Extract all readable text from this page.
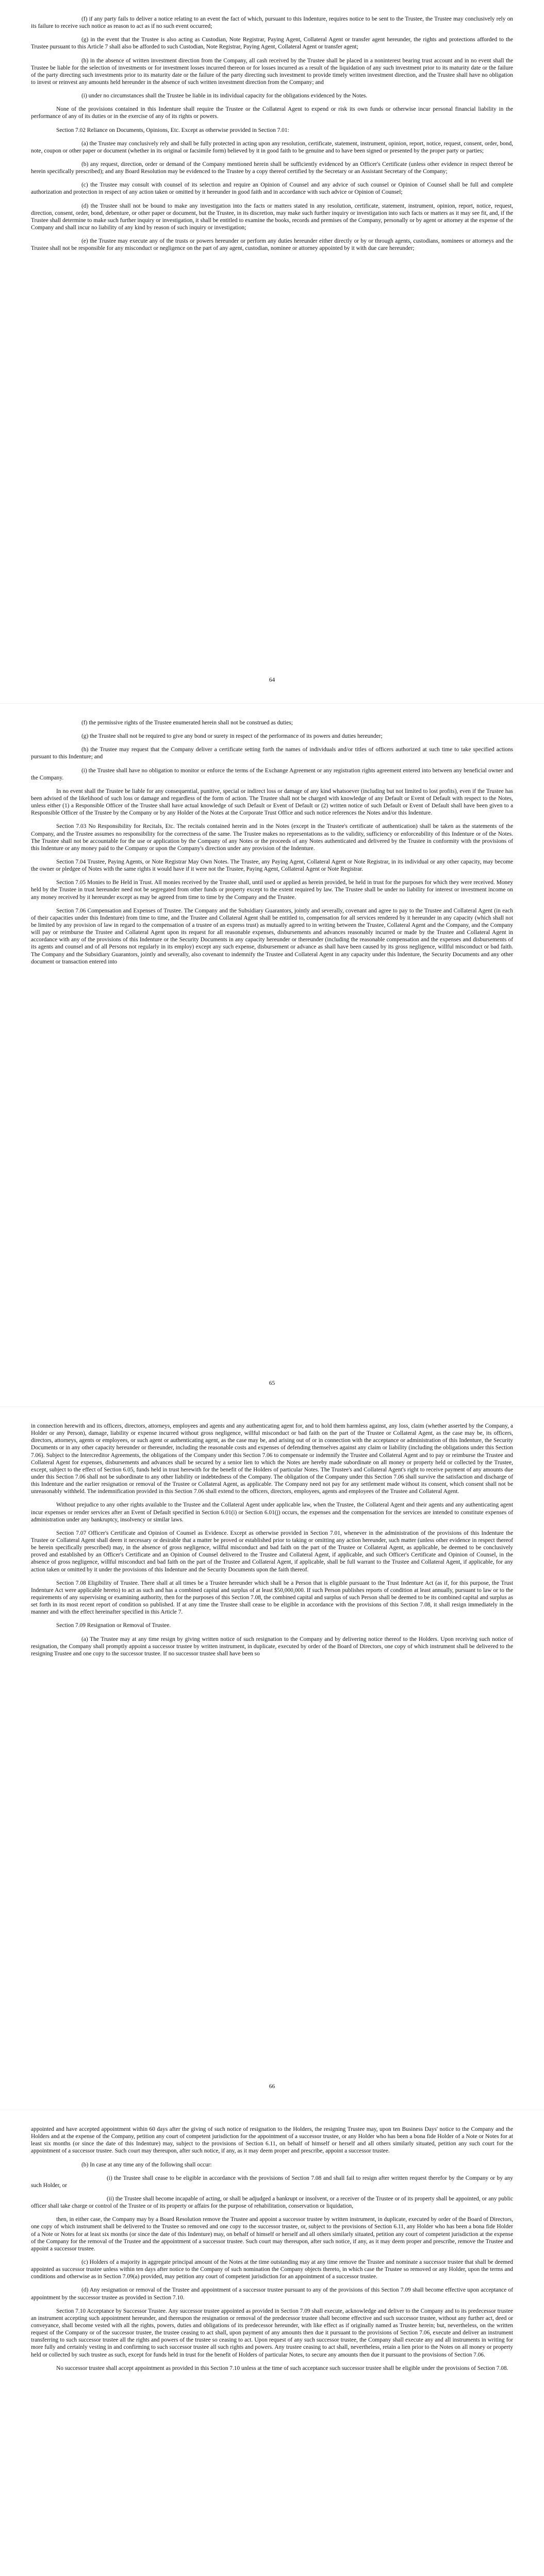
(f) if any party fails to deliver a notice relating to an event the fact of which, pursuant to this Indenture, requires notice to be sent to the Trustee, the Trustee may conclusively rely on its failure to receive such notice as reason to act as if no such event occurred;

(g) in the event that the Trustee is also acting as Custodian, Note Registrar, Paying Agent, Collateral Agent or transfer agent hereunder, the rights and protections afforded to the Trustee pursuant to this Article 7 shall also be afforded to such Custodian, Note Registrar, Paying Agent, Collateral Agent or transfer agent;

(h) in the absence of written investment direction from the Company, all cash received by the Trustee shall be placed in a noninterest bearing trust account and in no event shall the Trustee be liable for the selection of investments or for investment losses incurred thereon or for losses incurred as a result of the liquidation of any such investment prior to its maturity date or the failure of the party directing such investments prior to its maturity date or the failure of the party directing such investment to provide timely written investment direction, and the Trustee shall have no obligation to invest or reinvest any amounts held hereunder in the absence of such written investment direction from the Company; and

(i) under no circumstances shall the Trustee be liable in its individual capacity for the obligations evidenced by the Notes.

None of the provisions contained in this Indenture shall require the Trustee or the Collateral Agent to expend or risk its own funds or otherwise incur personal financial liability in the performance of any of its duties or in the exercise of any of its rights or powers.

Section 7.02 Reliance on Documents, Opinions, Etc. Except as otherwise provided in Section 7.01:

(a) the Trustee may conclusively rely and shall be fully protected in acting upon any resolution, certificate, statement, instrument, opinion, report, notice, request, consent, order, bond, note, coupon or other paper or document (whether in its original or facsimile form) believed by it in good faith to be genuine and to have been signed or presented by the proper party or parties;

(b) any request, direction, order or demand of the Company mentioned herein shall be sufficiently evidenced by an Officer's Certificate (unless other evidence in respect thereof be herein specifically prescribed); and any Board Resolution may be evidenced to the Trustee by a copy thereof certified by the Secretary or an Assistant Secretary of the Company;

(c) the Trustee may consult with counsel of its selection and require an Opinion of Counsel and any advice of such counsel or Opinion of Counsel shall be full and complete authorization and protection in respect of any action taken or omitted by it hereunder in good faith and in accordance with such advice or Opinion of Counsel;

(d) the Trustee shall not be bound to make any investigation into the facts or matters stated in any resolution, certificate, statement, instrument, opinion, report, notice, request, direction, consent, order, bond, debenture, or other paper or document, but the Trustee, in its discretion, may make such further inquiry or investigation into such facts or matters as it may see fit, and, if the Trustee shall determine to make such further inquiry or investigation, it shall be entitled to examine the books, records and premises of the Company, personally or by agent or attorney at the expense of the Company and shall incur no liability of any kind by reason of such inquiry or investigation;

(e) the Trustee may execute any of the trusts or powers hereunder or perform any duties hereunder either directly or by or through agents, custodians, nominees or attorneys and the Trustee shall not be responsible for any misconduct or negligence on the part of any agent, custodian, nominee or attorney appointed by it with due care hereunder;

64

(f) the permissive rights of the Trustee enumerated herein shall not be construed as duties;

(g) the Trustee shall not be required to give any bond or surety in respect of the performance of its powers and duties hereunder;

(h) the Trustee may request that the Company deliver a certificate setting forth the names of individuals and/or titles of officers authorized at such time to take specified actions pursuant to this Indenture; and

(i) the Trustee shall have no obligation to monitor or enforce the terms of the Exchange Agreement or any registration rights agreement entered into between any beneficial owner and the Company.

In no event shall the Trustee be liable for any consequential, punitive, special or indirect loss or damage of any kind whatsoever (including but not limited to lost profits), even if the Trustee has been advised of the likelihood of such loss or damage and regardless of the form of action. The Trustee shall not be charged with knowledge of any Default or Event of Default with respect to the Notes, unless either (1) a Responsible Officer of the Trustee shall have actual knowledge of such Default or Event of Default or (2) written notice of such Default or Event of Default shall have been given to a Responsible Officer of the Trustee by the Company or by any Holder of the Notes at the Corporate Trust Office and such notice references the Notes and/or this Indenture.

Section 7.03 No Responsibility for Recitals, Etc. The recitals contained herein and in the Notes (except in the Trustee's certificate of authentication) shall be taken as the statements of the Company, and the Trustee assumes no responsibility for the correctness of the same. The Trustee makes no representations as to the validity, sufficiency or enforceability of this Indenture or of the Notes. The Trustee shall not be accountable for the use or application by the Company of any Notes or the proceeds of any Notes authenticated and delivered by the Trustee in conformity with the provisions of this Indenture or any money paid to the Company or upon the Company's direction under any provision of the Indenture.

Section 7.04 Trustee, Paying Agents, or Note Registrar May Own Notes. The Trustee, any Paying Agent, Collateral Agent or Note Registrar, in its individual or any other capacity, may become the owner or pledgee of Notes with the same rights it would have if it were not the Trustee, Paying Agent, Collateral Agent or Note Registrar.

Section 7.05 Monies to Be Held in Trust. All monies received by the Trustee shall, until used or applied as herein provided, be held in trust for the purposes for which they were received. Money held by the Trustee in trust hereunder need not be segregated from other funds or property except to the extent required by law. The Trustee shall be under no liability for interest or investment income on any money received by it hereunder except as may be agreed from time to time by the Company and the Trustee.

Section 7.06 Compensation and Expenses of Trustee. The Company and the Subsidiary Guarantors, jointly and severally, covenant and agree to pay to the Trustee and Collateral Agent (in each of their capacities under this Indenture) from time to time, and the Trustee and Collateral Agent shall be entitled to, compensation for all services rendered by it hereunder in any capacity (which shall not be limited by any provision of law in regard to the compensation of a trustee of an express trust) as mutually agreed to in writing between the Trustee, Collateral Agent and the Company, and the Company will pay or reimburse the Trustee and Collateral Agent upon its request for all reasonable expenses, disbursements and advances reasonably incurred or made by the Trustee and Collateral Agent in accordance with any of the provisions of this Indenture or the Security Documents in any capacity hereunder or thereunder (including the reasonable compensation and the expenses and disbursements of its agents and counsel and of all Persons not regularly in its employ) except any such expense, disbursement or advance as shall have been caused by its gross negligence, willful misconduct or bad faith. The Company and the Subsidiary Guarantors, jointly and severally, also covenant to indemnify the Trustee and Collateral Agent in any capacity under this Indenture, the Security Documents and any other document or transaction entered into

65

in connection herewith and its officers, directors, attorneys, employees and agents and any authenticating agent for, and to hold them harmless against, any loss, claim (whether asserted by the Company, a Holder or any Person), damage, liability or expense incurred without gross negligence, willful misconduct or bad faith on the part of the Trustee or Collateral Agent, as the case may be, its officers, directors, attorneys, agents or employees, or such agent or authenticating agent, as the case may be, and arising out of or in connection with the acceptance or administration of this Indenture, the Security Documents or in any other capacity hereunder or thereunder, including the reasonable costs and expenses of defending themselves against any claim or liability (including the obligations under this Section 7.06). Subject to the Intercreditor Agreements, the obligations of the Company under this Section 7.06 to compensate or indemnify the Trustee and Collateral Agent and to pay or reimburse the Trustee and Collateral Agent for expenses, disbursements and advances shall be secured by a senior lien to which the Notes are hereby made subordinate on all money or property held or collected by the Trustee, except, subject to the effect of Section 6.05, funds held in trust herewith for the benefit of the Holders of particular Notes. The Trustee's and Collateral Agent's right to receive payment of any amounts due under this Section 7.06 shall not be subordinate to any other liability or indebtedness of the Company. The obligation of the Company under this Section 7.06 shall survive the satisfaction and discharge of this Indenture and the earlier resignation or removal of the Trustee or Collateral Agent, as applicable. The Company need not pay for any settlement made without its consent, which consent shall not be unreasonably withheld. The indemnification provided in this Section 7.06 shall extend to the officers, directors, employees, agents and employees of the Trustee and Collateral Agent.

Without prejudice to any other rights available to the Trustee and the Collateral Agent under applicable law, when the Trustee, the Collateral Agent and their agents and any authenticating agent incur expenses or render services after an Event of Default specified in Section 6.01(i) or Section 6.01(j) occurs, the expenses and the compensation for the services are intended to constitute expenses of administration under any bankruptcy, insolvency or similar laws.

Section 7.07 Officer's Certificate and Opinion of Counsel as Evidence. Except as otherwise provided in Section 7.01, whenever in the administration of the provisions of this Indenture the Trustee or Collateral Agent shall deem it necessary or desirable that a matter be proved or established prior to taking or omitting any action hereunder, such matter (unless other evidence in respect thereof be herein specifically prescribed) may, in the absence of gross negligence, willful misconduct and bad faith on the part of the Trustee or Collateral Agent, as applicable, be deemed to be conclusively proved and established by an Officer's Certificate and an Opinion of Counsel delivered to the Trustee and Collateral Agent, if applicable, and such Officer's Certificate and Opinion of Counsel, in the absence of gross negligence, willful misconduct and bad faith on the part of the Trustee and Collateral Agent, if applicable, shall be full warrant to the Trustee and Collateral Agent, if applicable, for any action taken or omitted by it under the provisions of this Indenture and the Security Documents upon the faith thereof.

Section 7.08 Eligibility of Trustee. There shall at all times be a Trustee hereunder which shall be a Person that is eligible pursuant to the Trust Indenture Act (as if, for this purpose, the Trust Indenture Act were applicable hereto) to act as such and has a combined capital and surplus of at least $50,000,000. If such Person publishes reports of condition at least annually, pursuant to law or to the requirements of any supervising or examining authority, then for the purposes of this Section 7.08, the combined capital and surplus of such Person shall be deemed to be its combined capital and surplus as set forth in its most recent report of condition so published. If at any time the Trustee shall cease to be eligible in accordance with the provisions of this Section 7.08, it shall resign immediately in the manner and with the effect hereinafter specified in this Article 7.

Section 7.09 Resignation or Removal of Trustee.

(a) The Trustee may at any time resign by giving written notice of such resignation to the Company and by delivering notice thereof to the Holders. Upon receiving such notice of resignation, the Company shall promptly appoint a successor trustee by written instrument, in duplicate, executed by order of the Board of Directors, one copy of which instrument shall be delivered to the resigning Trustee and one copy to the successor trustee. If no successor trustee shall have been so

66

appointed and have accepted appointment within 60 days after the giving of such notice of resignation to the Holders, the resigning Trustee may, upon ten Business Days' notice to the Company and the Holders and at the expense of the Company, petition any court of competent jurisdiction for the appointment of a successor trustee, or any Holder who has been a bona fide Holder of a Note or Notes for at least six months (or since the date of this Indenture) may, subject to the provisions of Section 6.11, on behalf of himself or herself and all others similarly situated, petition any such court for the appointment of a successor trustee. Such court may thereupon, after such notice, if any, as it may deem proper and prescribe, appoint a successor trustee.

(b) In case at any time any of the following shall occur:

(i) the Trustee shall cease to be eligible in accordance with the provisions of Section 7.08 and shall fail to resign after written request therefor by the Company or by any such Holder, or

(ii) the Trustee shall become incapable of acting, or shall be adjudged a bankrupt or insolvent, or a receiver of the Trustee or of its property shall be appointed, or any public officer shall take charge or control of the Trustee or of its property or affairs for the purpose of rehabilitation, conservation or liquidation,

then, in either case, the Company may by a Board Resolution remove the Trustee and appoint a successor trustee by written instrument, in duplicate, executed by order of the Board of Directors, one copy of which instrument shall be delivered to the Trustee so removed and one copy to the successor trustee, or, subject to the provisions of Section 6.11, any Holder who has been a bona fide Holder of a Note or Notes for at least six months (or since the date of this Indenture) may, on behalf of himself or herself and all others similarly situated, petition any court of competent jurisdiction at the expense of the Company for the removal of the Trustee and the appointment of a successor trustee. Such court may thereupon, after such notice, if any, as it may deem proper and prescribe, remove the Trustee and appoint a successor trustee.

(c) Holders of a majority in aggregate principal amount of the Notes at the time outstanding may at any time remove the Trustee and nominate a successor trustee that shall be deemed appointed as successor trustee unless within ten days after notice to the Company of such nomination the Company objects thereto, in which case the Trustee so removed or any Holder, upon the terms and conditions and otherwise as in Section 7.09(a) provided, may petition any court of competent jurisdiction for an appointment of a successor trustee.

(d) Any resignation or removal of the Trustee and appointment of a successor trustee pursuant to any of the provisions of this Section 7.09 shall become effective upon acceptance of appointment by the successor trustee as provided in Section 7.10.

Section 7.10 Acceptance by Successor Trustee. Any successor trustee appointed as provided in Section 7.09 shall execute, acknowledge and deliver to the Company and to its predecessor trustee an instrument accepting such appointment hereunder, and thereupon the resignation or removal of the predecessor trustee shall become effective and such successor trustee, without any further act, deed or conveyance, shall become vested with all the rights, powers, duties and obligations of its predecessor hereunder, with like effect as if originally named as Trustee herein; but, nevertheless, on the written request of the Company or of the successor trustee, the trustee ceasing to act shall, upon payment of any amounts then due it pursuant to the provisions of Section 7.06, execute and deliver an instrument transferring to such successor trustee all the rights and powers of the trustee so ceasing to act. Upon request of any such successor trustee, the Company shall execute any and all instruments in writing for more fully and certainly vesting in and confirming to such successor trustee all such rights and powers. Any trustee ceasing to act shall, nevertheless, retain a lien prior to the Notes on all money or property held or collected by such trustee as such, except for funds held in trust for the benefit of Holders of particular Notes, to secure any amounts then due it pursuant to the provisions of Section 7.06.

No successor trustee shall accept appointment as provided in this Section 7.10 unless at the time of such acceptance such successor trustee shall be eligible under the provisions of Section 7.08.
